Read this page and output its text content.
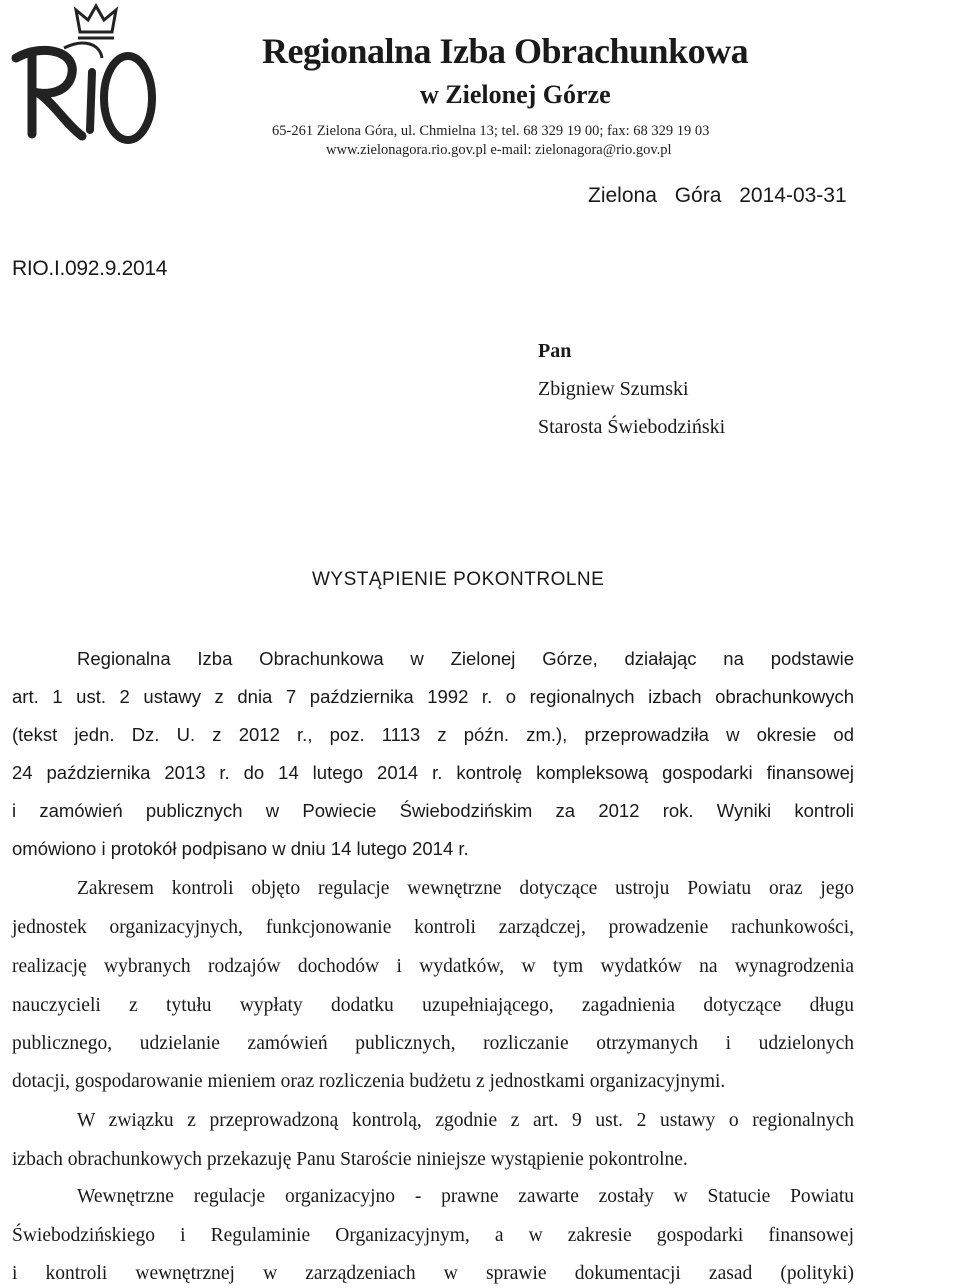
Regionalna Izba Obrachunkowa
w Zielonej Górze
65-261 Zielona Góra, ul. Chmielna 13; tel. 68 329 19 00; fax: 68 329 19 03
www.zielonagora.rio.gov.pl e-mail: zielonagora@rio.gov.pl
Zielona Góra 2014-03-31
RIO.I.092.9.2014
Pan
Zbigniew Szumski
Starosta Świebodziński
WYSTĄPIENIE POKONTROLNE
Regionalna Izba Obrachunkowa w Zielonej Górze, działając na podstawie
art. 1 ust. 2 ustawy z dnia 7 października 1992 r. o regionalnych izbach obrachunkowych
(tekst jedn. Dz. U. z 2012 r., poz. 1113 z późn. zm.), przeprowadziła w okresie od
24 października 2013 r. do 14 lutego 2014 r. kontrolę kompleksową gospodarki finansowej
i zamówień publicznych w Powiecie Świebodzińskim za 2012 rok. Wyniki kontroli
omówiono i protokół podpisano w dniu 14 lutego 2014 r.
Zakresem kontroli objęto regulacje wewnętrzne dotyczące ustroju Powiatu oraz jego
jednostek organizacyjnych, funkcjonowanie kontroli zarządczej, prowadzenie rachunkowości,
realizację wybranych rodzajów dochodów i wydatków, w tym wydatków na wynagrodzenia
nauczycieli z tytułu wypłaty dodatku uzupełniającego, zagadnienia dotyczące długu
publicznego, udzielanie zamówień publicznych, rozliczanie otrzymanych i udzielonych
dotacji, gospodarowanie mieniem oraz rozliczenia budżetu z jednostkami organizacyjnymi.
W związku z przeprowadzoną kontrolą, zgodnie z art. 9 ust. 2 ustawy o regionalnych
izbach obrachunkowych przekazuję Panu Staroście niniejsze wystąpienie pokontrolne.
Wewnętrzne regulacje organizacyjno - prawne zawarte zostały w Statucie Powiatu
Świebodzińskiego i Regulaminie Organizacyjnym, a w zakresie gospodarki finansowej
i kontroli wewnętrznej w zarządzeniach w sprawie dokumentacji zasad (polityki)
